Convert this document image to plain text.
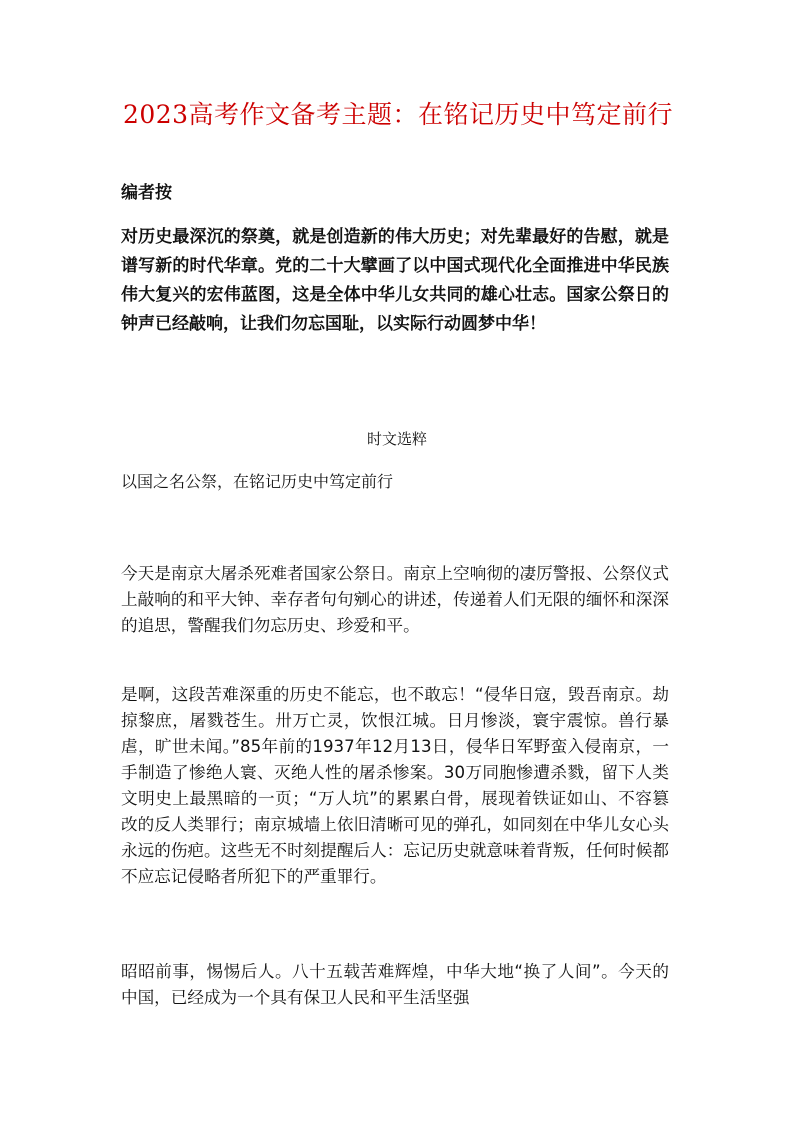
2023高考作文备考主题：在铭记历史中笃定前行
编者按
对历史最深沉的祭奠，就是创造新的伟大历史；对先辈最好的告慰，就是谱写新的时代华章。党的二十大擘画了以中国式现代化全面推进中华民族伟大复兴的宏伟蓝图，这是全体中华儿女共同的雄心壮志。国家公祭日的钟声已经敲响，让我们勿忘国耻，以实际行动圆梦中华！
时文选粹
以国之名公祭，在铭记历史中笃定前行

今天是南京大屠杀死难者国家公祭日。南京上空响彻的凄厉警报、公祭仪式上敲响的和平大钟、幸存者句句剜心的讲述，传递着人们无限的缅怀和深深的追思，警醒我们勿忘历史、珍爱和平。

是啊，这段苦难深重的历史不能忘，也不敢忘！“侵华日寇，毁吾南京。劫掠黎庶，屠戮苍生。卅万亡灵，饮恨江城。日月惨淡，寰宇震惊。兽行暴虐，旷世未闻。”85年前的1937年12月13日，侵华日军野蛮入侵南京，一手制造了惨绝人寰、灭绝人性的屠杀惨案。30万同胞惨遭杀戮，留下人类文明史上最黑暗的一页；“万人坑”的累累白骨，展现着铁证如山、不容篡改的反人类罪行；南京城墙上依旧清晰可见的弹孔，如同刻在中华儿女心头永远的伤疤。这些无不时刻提醒后人：忘记历史就意味着背叛，任何时候都不应忘记侵略者所犯下的严重罪行。

昭昭前事，惕惕后人。八十五载苦难辉煌，中华大地“换了人间”。今天的中国，已经成为一个具有保卫人民和平生活坚强
